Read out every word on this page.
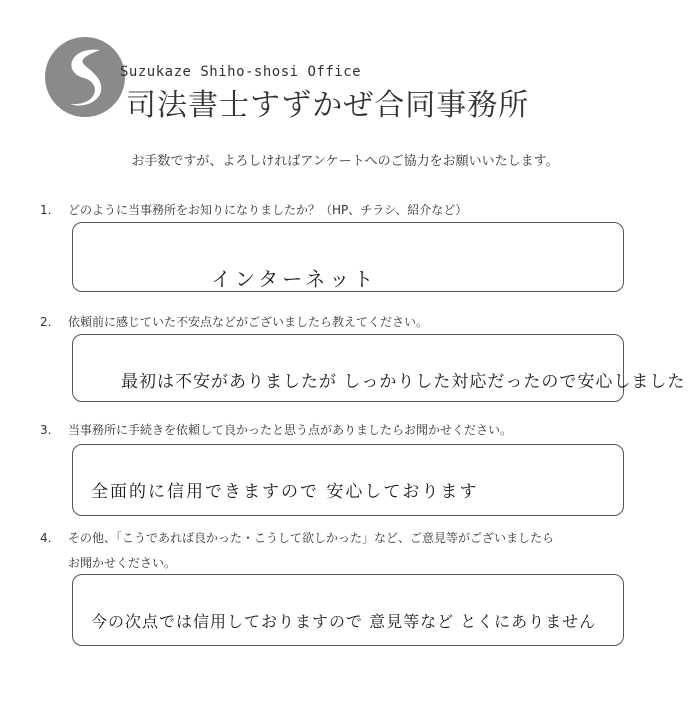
Suzukaze Shiho-shosi Office
司法書士すずかぜ合同事務所
お手数ですが、よろしければアンケートへのご協力をお願いいたします。
1. どのように当事務所をお知りになりましたか？（HP、チラシ、紹介など）
インターネット
2. 依頼前に感じていた不安点などがございましたら教えてください。
最初は不安がありましたが しっかりした対応だったので安心しました
3. 当事務所に手続きを依頼して良かったと思う点がありましたらお聞かせください。
全面的に信用できますので 安心しております
4. その他、「こうであれば良かった・こうして欲しかった」など、ご意見等がございましたら
お聞かせください。
今の次点では信用しておりますので 意見等など とくにありません
